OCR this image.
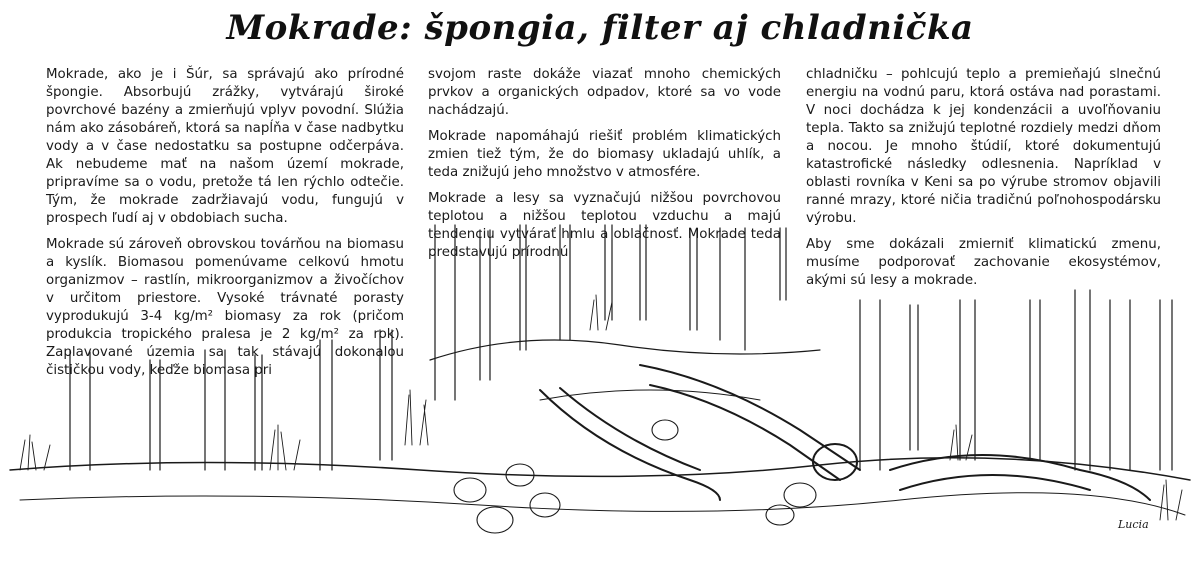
Mokrade: špongia, filter aj chladnička

Mokrade, ako je i Šúr, sa správajú ako prírodné špongie. Absorbujú zrážky, vytvárajú široké povrchové bazény a zmierňujú vplyv povodní. Slúžia nám ako zásobáreň, ktorá sa napĺňa v čase nadbytku vody a v čase nedostatku sa postupne odčerpáva. Ak nebudeme mať na našom území mokrade, pripravíme sa o vodu, pretože tá len rýchlo odtečie. Tým, že mokrade zadržiavajú vodu, fungujú v prospech ľudí aj v obdobiach sucha.

Mokrade sú zároveň obrovskou továrňou na biomasu a kyslík. Biomasou pomenúvame celkovú hmotu organizmov – rastlín, mikroorganizmov a živočíchov v určitom priestore. Vysoké trávnaté porasty vyprodukujú 3-4 kg/m² biomasy za rok (pričom produkcia tropického pralesa je 2 kg/m² za rok). Zaplavované územia sa tak stávajú dokonalou čističkou vody, keďže biomasa pri

svojom raste dokáže viazať mnoho chemických prvkov a organických odpadov, ktoré sa vo vode nachádzajú.

Mokrade napomáhajú riešiť problém klimatických zmien tiež tým, že do biomasy ukladajú uhlík, a teda znižujú jeho množstvo v atmosfére.

Mokrade a lesy sa vyznačujú nižšou povrchovou teplotou a nižšou teplotou vzduchu a majú tendenciu vytvárať hmlu a oblačnosť. Mokrade teda predstavujú prírodnú

chladničku – pohlcujú teplo a premieňajú slnečnú energiu na vodnú paru, ktorá ostáva nad porastami. V noci dochádza k jej kondenzácii a uvoľňovaniu tepla. Takto sa znižujú teplotné rozdiely medzi dňom a nocou. Je mnoho štúdií, ktoré dokumentujú katastrofické následky odlesnenia. Napríklad v oblasti rovníka v Keni sa po výrube stromov objavili ranné mrazy, ktoré ničia tradičnú poľnohospodársku výrobu.

Aby sme dokázali zmierniť klimatickú zmenu, musíme podporovať zachovanie ekosystémov, akými sú lesy a mokrade.

Lucia
